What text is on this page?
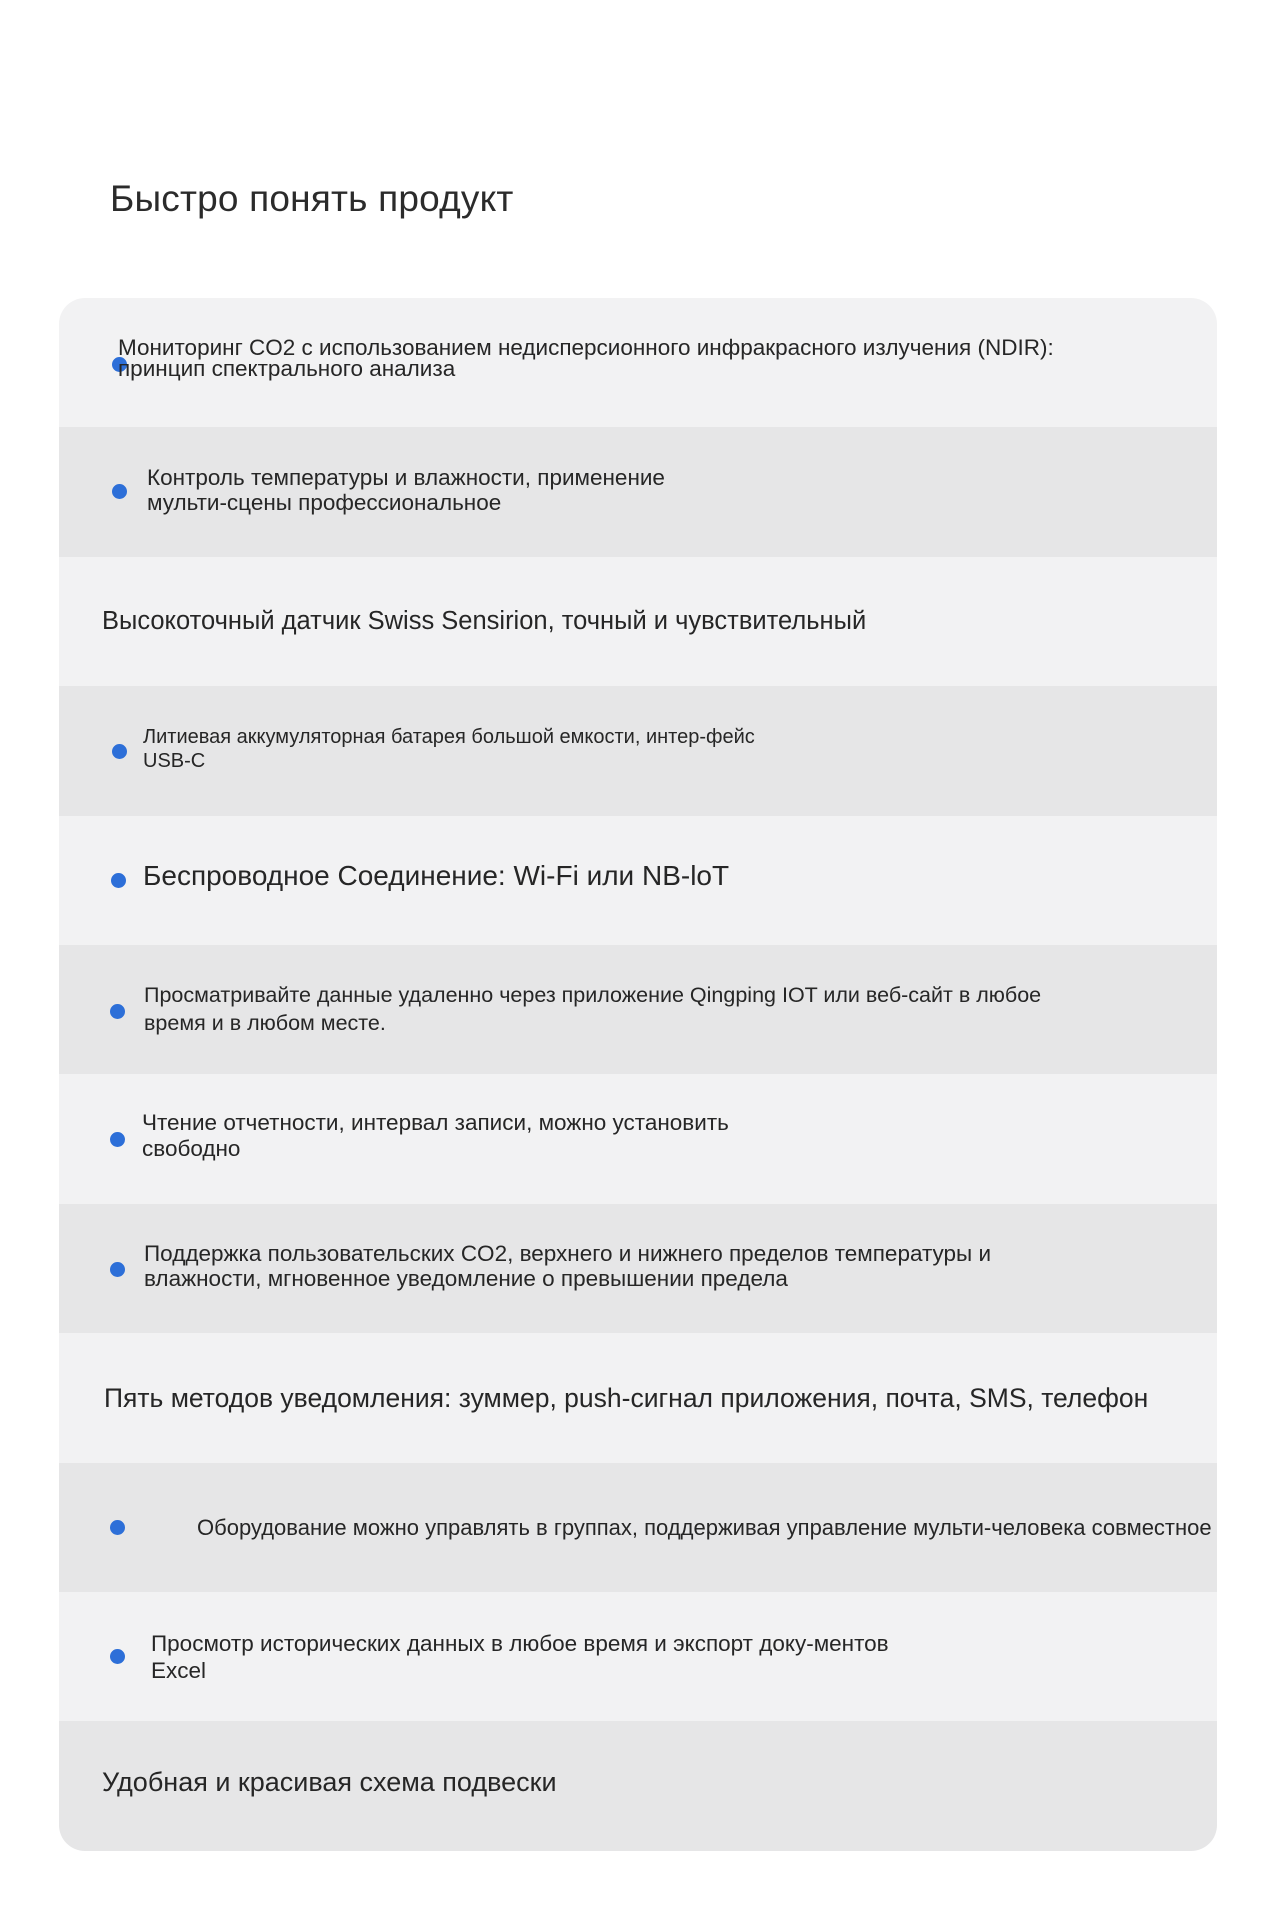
Быстро понять продукт

Мониторинг CO2 с использованием недисперсионного инфракрасного излучения (NDIR): принцип спектрального анализа

Контроль температуры и влажности, применение мульти-сцены профессиональное

Высокоточный датчик Swiss Sensirion, точный и чувствительный

Литиевая аккумуляторная батарея большой емкости, интер-фейс USB-C

Беспроводное Соединение: Wi-Fi или NB-loT

Просматривайте данные удаленно через приложение Qingping IOT или веб-сайт в любое время и в любом месте.

Чтение отчетности, интервал записи, можно установить свободно

Поддержка пользовательских CO2, верхнего и нижнего пределов температуры и влажности, мгновенное уведомление о превышении предела

Пять методов уведомления: зуммер, push-сигнал приложения, почта, SMS, телефон

Просмотр исторических данных в любое время и экспорт доку-ментов Excel

Удобная и красивая схема подвески

Оборудование можно управлять в группах, поддерживая управление мульти-человека совместное
